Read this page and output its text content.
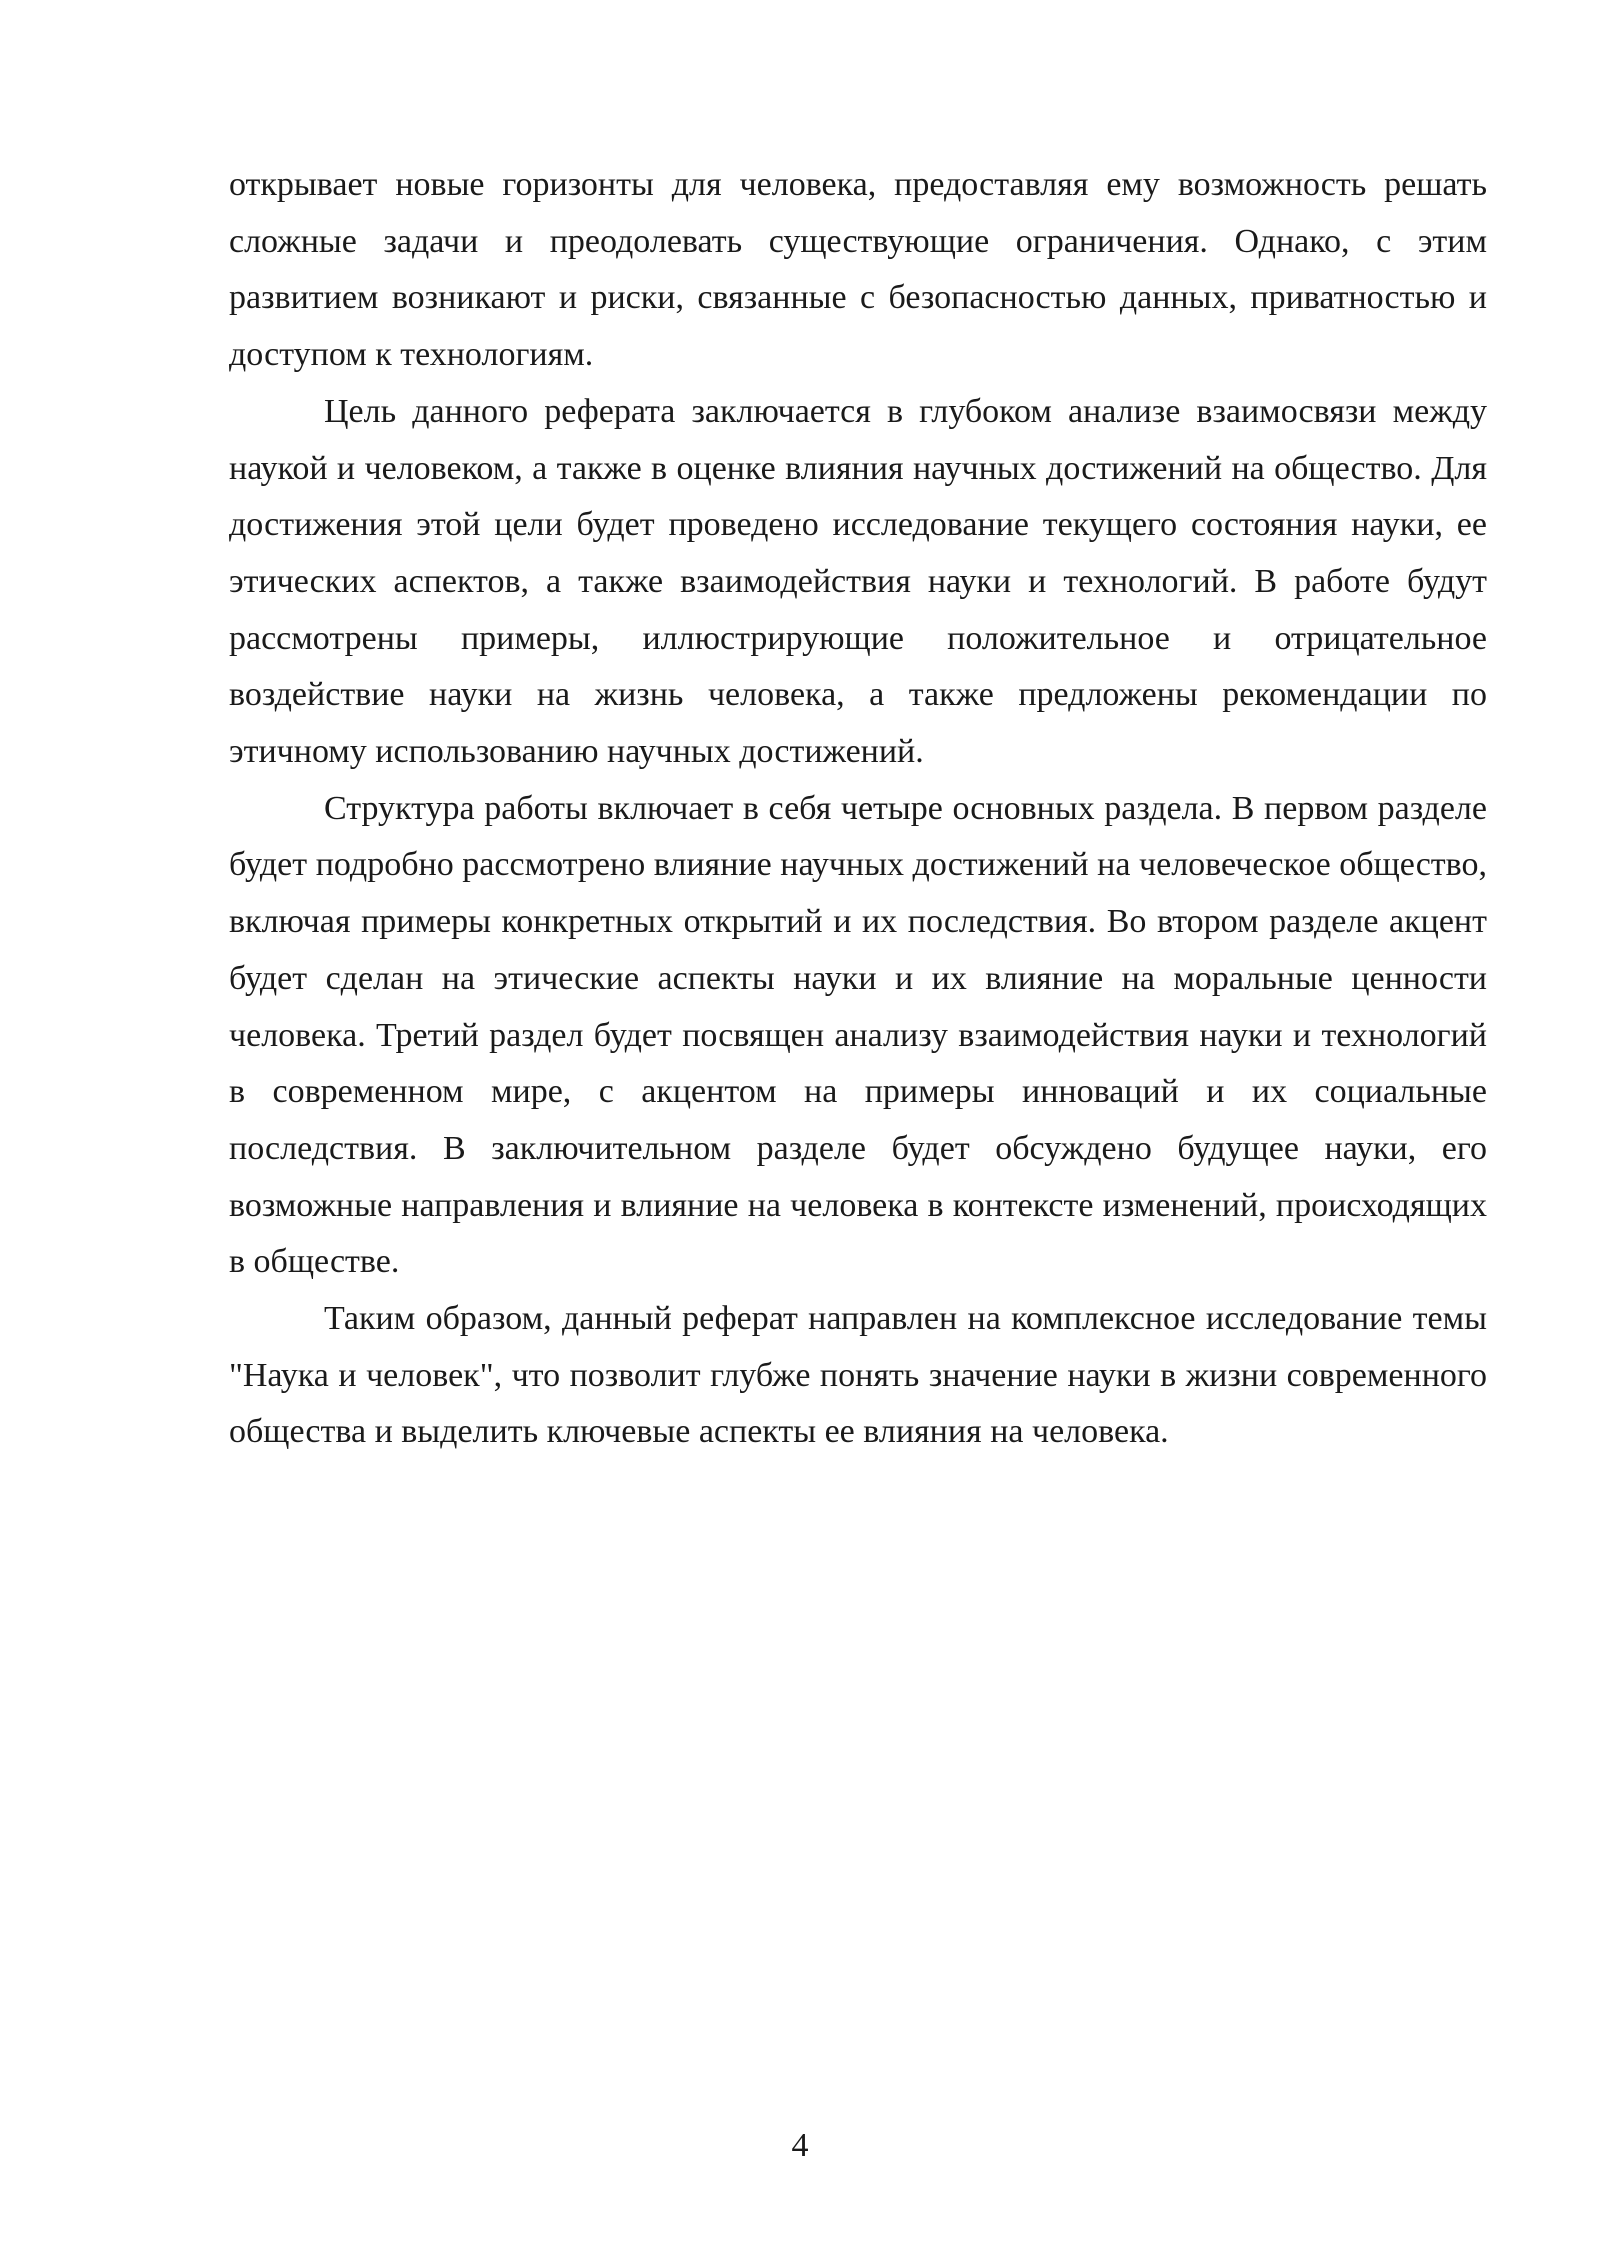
открывает новые горизонты для человека, предоставляя ему возможность решать сложные задачи и преодолевать существующие ограничения. Однако, с этим развитием возникают и риски, связанные с безопасностью данных, приватностью и доступом к технологиям.

Цель данного реферата заключается в глубоком анализе взаимосвязи между наукой и человеком, а также в оценке влияния научных достижений на общество. Для достижения этой цели будет проведено исследование текущего состояния науки, ее этических аспектов, а также взаимодействия науки и технологий. В работе будут рассмотрены примеры, иллюстрирующие положительное и отрицательное воздействие науки на жизнь человека, а также предложены рекомендации по этичному использованию научных достижений.

Структура работы включает в себя четыре основных раздела. В первом разделе будет подробно рассмотрено влияние научных достижений на человеческое общество, включая примеры конкретных открытий и их последствия. Во втором разделе акцент будет сделан на этические аспекты науки и их влияние на моральные ценности человека. Третий раздел будет посвящен анализу взаимодействия науки и технологий в современном мире, с акцентом на примеры инноваций и их социальные последствия. В заключительном разделе будет обсуждено будущее науки, его возможные направления и влияние на человека в контексте изменений, происходящих в обществе.

Таким образом, данный реферат направлен на комплексное исследование темы "Наука и человек", что позволит глубже понять значение науки в жизни современного общества и выделить ключевые аспекты ее влияния на человека.

4
